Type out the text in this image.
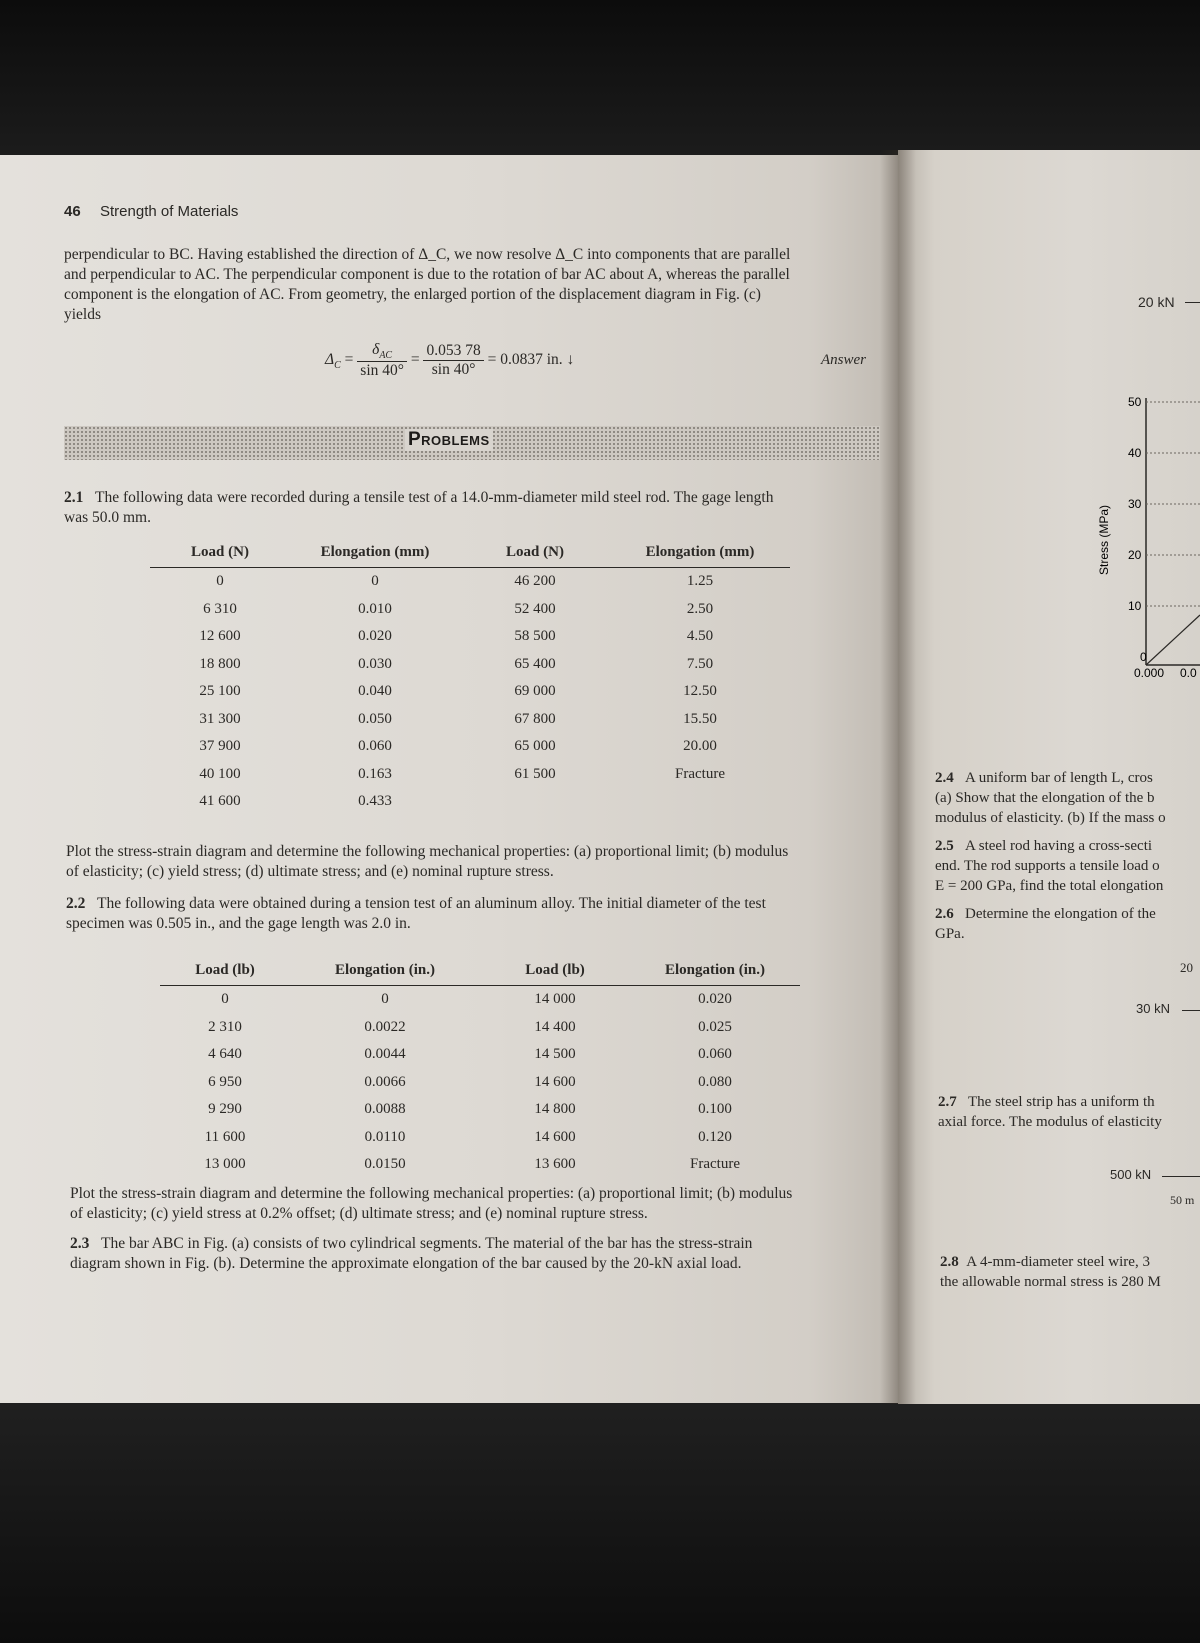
46 Strength of Materials
perpendicular to BC. Having established the direction of Δ_C, we now resolve Δ_C into components that are parallel
and perpendicular to AC. The perpendicular component is due to the rotation of bar AC about A, whereas the parallel
component is the elongation of AC. From geometry, the enlarged portion of the displacement diagram in Fig. (c)
yields
$\Delta_C = \frac{\delta_{AC}}{\sin 40^\circ} = \frac{0.053 78}{\sin 40^\circ} = 0.0837$ in. ↓	Answer
Problems
2.1 The following data were recorded during a tensile test of a 14.0-mm-diameter mild steel rod. The gage length
was 50.0 mm.
Load (N)	Elongation (mm)	Load (N)	Elongation (mm)
0	0	46 200	1.25
6 310	0.010	52 400	2.50
12 600	0.020	58 500	4.50
18 800	0.030	65 400	7.50
25 100	0.040	69 000	12.50
31 300	0.050	67 800	15.50
37 900	0.060	65 000	20.00
40 100	0.163	61 500	Fracture
41 600	0.433		
Plot the stress-strain diagram and determine the following mechanical properties: (a) proportional limit; (b) modulus
of elasticity; (c) yield stress; (d) ultimate stress; and (e) nominal rupture stress.
2.2 The following data were obtained during a tension test of an aluminum alloy. The initial diameter of the test
specimen was 0.505 in., and the gage length was 2.0 in.
Load (lb)	Elongation (in.)	Load (lb)	Elongation (in.)
0	0	14 000	0.020
2 310	0.0022	14 400	0.025
4 640	0.0044	14 500	0.060
6 950	0.0066	14 600	0.080
9 290	0.0088	14 800	0.100
11 600	0.0110	14 600	0.120
13 000	0.0150	13 600	Fracture
Plot the stress-strain diagram and determine the following mechanical properties: (a) proportional limit; (b) modulus
of elasticity; (c) yield stress at 0.2% offset; (d) ultimate stress; and (e) nominal rupture stress.
2.3 The bar ABC in Fig. (a) consists of two cylindrical segments. The material of the bar has the stress-strain
diagram shown in Fig. (b). Determine the approximate elongation of the bar caused by the 20-kN axial load.
20 kN
50
40
30
20
10
0
0.000 0.0
Stress (MPa)
2.4 A uniform bar of length L, cros
(a) Show that the elongation of the b
modulus of elasticity. (b) If the mass o
2.5 A steel rod having a cross-secti
end. The rod supports a tensile load o
E = 200 GPa, find the total elongation
2.6 Determine the elongation of the
GPa.
20
30 kN
2.7 The steel strip has a uniform th
axial force. The modulus of elasticity
500 kN
50 m
2.8 A 4-mm-diameter steel wire, 3
the allowable normal stress is 280 M
